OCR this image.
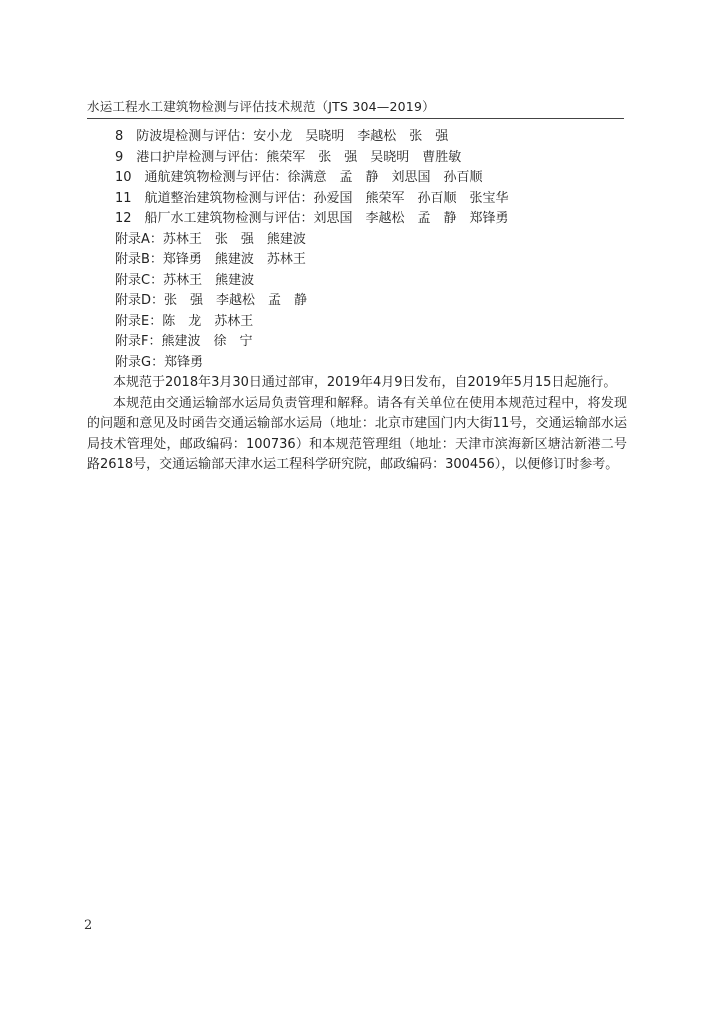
水运工程水工建筑物检测与评估技术规范（JTS 304—2019）
8　防波堤检测与评估：安小龙　吴晓明　李越松　张　强
9　港口护岸检测与评估：熊荣军　张　强　吴晓明　曹胜敏
10　通航建筑物检测与评估：徐满意　孟　静　刘思国　孙百顺
11　航道整治建筑物检测与评估：孙爱国　熊荣军　孙百顺　张宝华
12　船厂水工建筑物检测与评估：刘思国　李越松　孟　静　郑锋勇
附录A：苏林王　张　强　熊建波
附录B：郑锋勇　熊建波　苏林王
附录C：苏林王　熊建波
附录D：张　强　李越松　孟　静
附录E：陈　龙　苏林王
附录F：熊建波　徐　宁
附录G：郑锋勇

本规范于2018年3月30日通过部审，2019年4月9日发布，自2019年5月15日起施行。

本规范由交通运输部水运局负责管理和解释。请各有关单位在使用本规范过程中，将发现的问题和意见及时函告交通运输部水运局（地址：北京市建国门内大街11号，交通运输部水运局技术管理处，邮政编码：100736）和本规范管理组（地址：天津市滨海新区塘沽新港二号路2618号，交通运输部天津水运工程科学研究院，邮政编码：300456），以便修订时参考。

2
